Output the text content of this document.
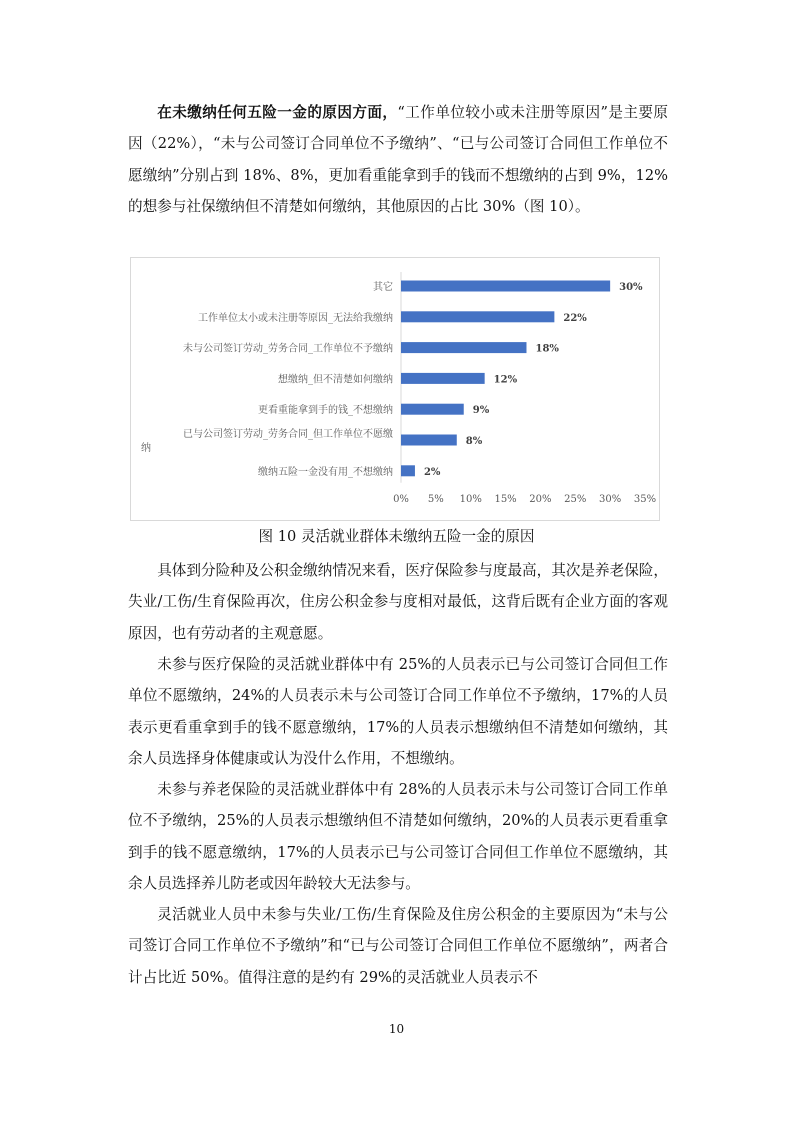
在未缴纳任何五险一金的原因方面，“工作单位较小或未注册等原因”是主要原因（22%），“未与公司签订合同单位不予缴纳”、“已与公司签订合同但工作单位不愿缴纳”分别占到 18%、8%，更加看重能拿到手的钱而不想缴纳的占到 9%，12%的想参与社保缴纳但不清楚如何缴纳，其他原因的占比 30%（图 10）。

30%
其它
22%
工作单位太小或未注册等原因_无法给我缴纳
18%
未与公司签订劳动_劳务合同_工作单位不予缴纳
12%
想缴纳_但不清楚如何缴纳
9%
更看重能拿到手的钱_不想缴纳
8%
已与公司签订劳动_劳务合同_但工作单位不愿缴
纳
2%
缴纳五险一金没有用_不想缴纳
0% 5% 10% 15% 20% 25% 30% 35%

图 10 灵活就业群体未缴纳五险一金的原因

具体到分险种及公积金缴纳情况来看，医疗保险参与度最高，其次是养老保险，失业/工伤/生育保险再次，住房公积金参与度相对最低，这背后既有企业方面的客观原因，也有劳动者的主观意愿。

未参与医疗保险的灵活就业群体中有 25%的人员表示已与公司签订合同但工作单位不愿缴纳，24%的人员表示未与公司签订合同工作单位不予缴纳，17%的人员表示更看重拿到手的钱不愿意缴纳，17%的人员表示想缴纳但不清楚如何缴纳，其余人员选择身体健康或认为没什么作用，不想缴纳。

未参与养老保险的灵活就业群体中有 28%的人员表示未与公司签订合同工作单位不予缴纳，25%的人员表示想缴纳但不清楚如何缴纳，20%的人员表示更看重拿到手的钱不愿意缴纳，17%的人员表示已与公司签订合同但工作单位不愿缴纳，其余人员选择养儿防老或因年龄较大无法参与。

灵活就业人员中未参与失业/工伤/生育保险及住房公积金的主要原因为“未与公司签订合同工作单位不予缴纳”和“已与公司签订合同但工作单位不愿缴纳”，两者合计占比近 50%。值得注意的是约有 29%的灵活就业人员表示不

10
